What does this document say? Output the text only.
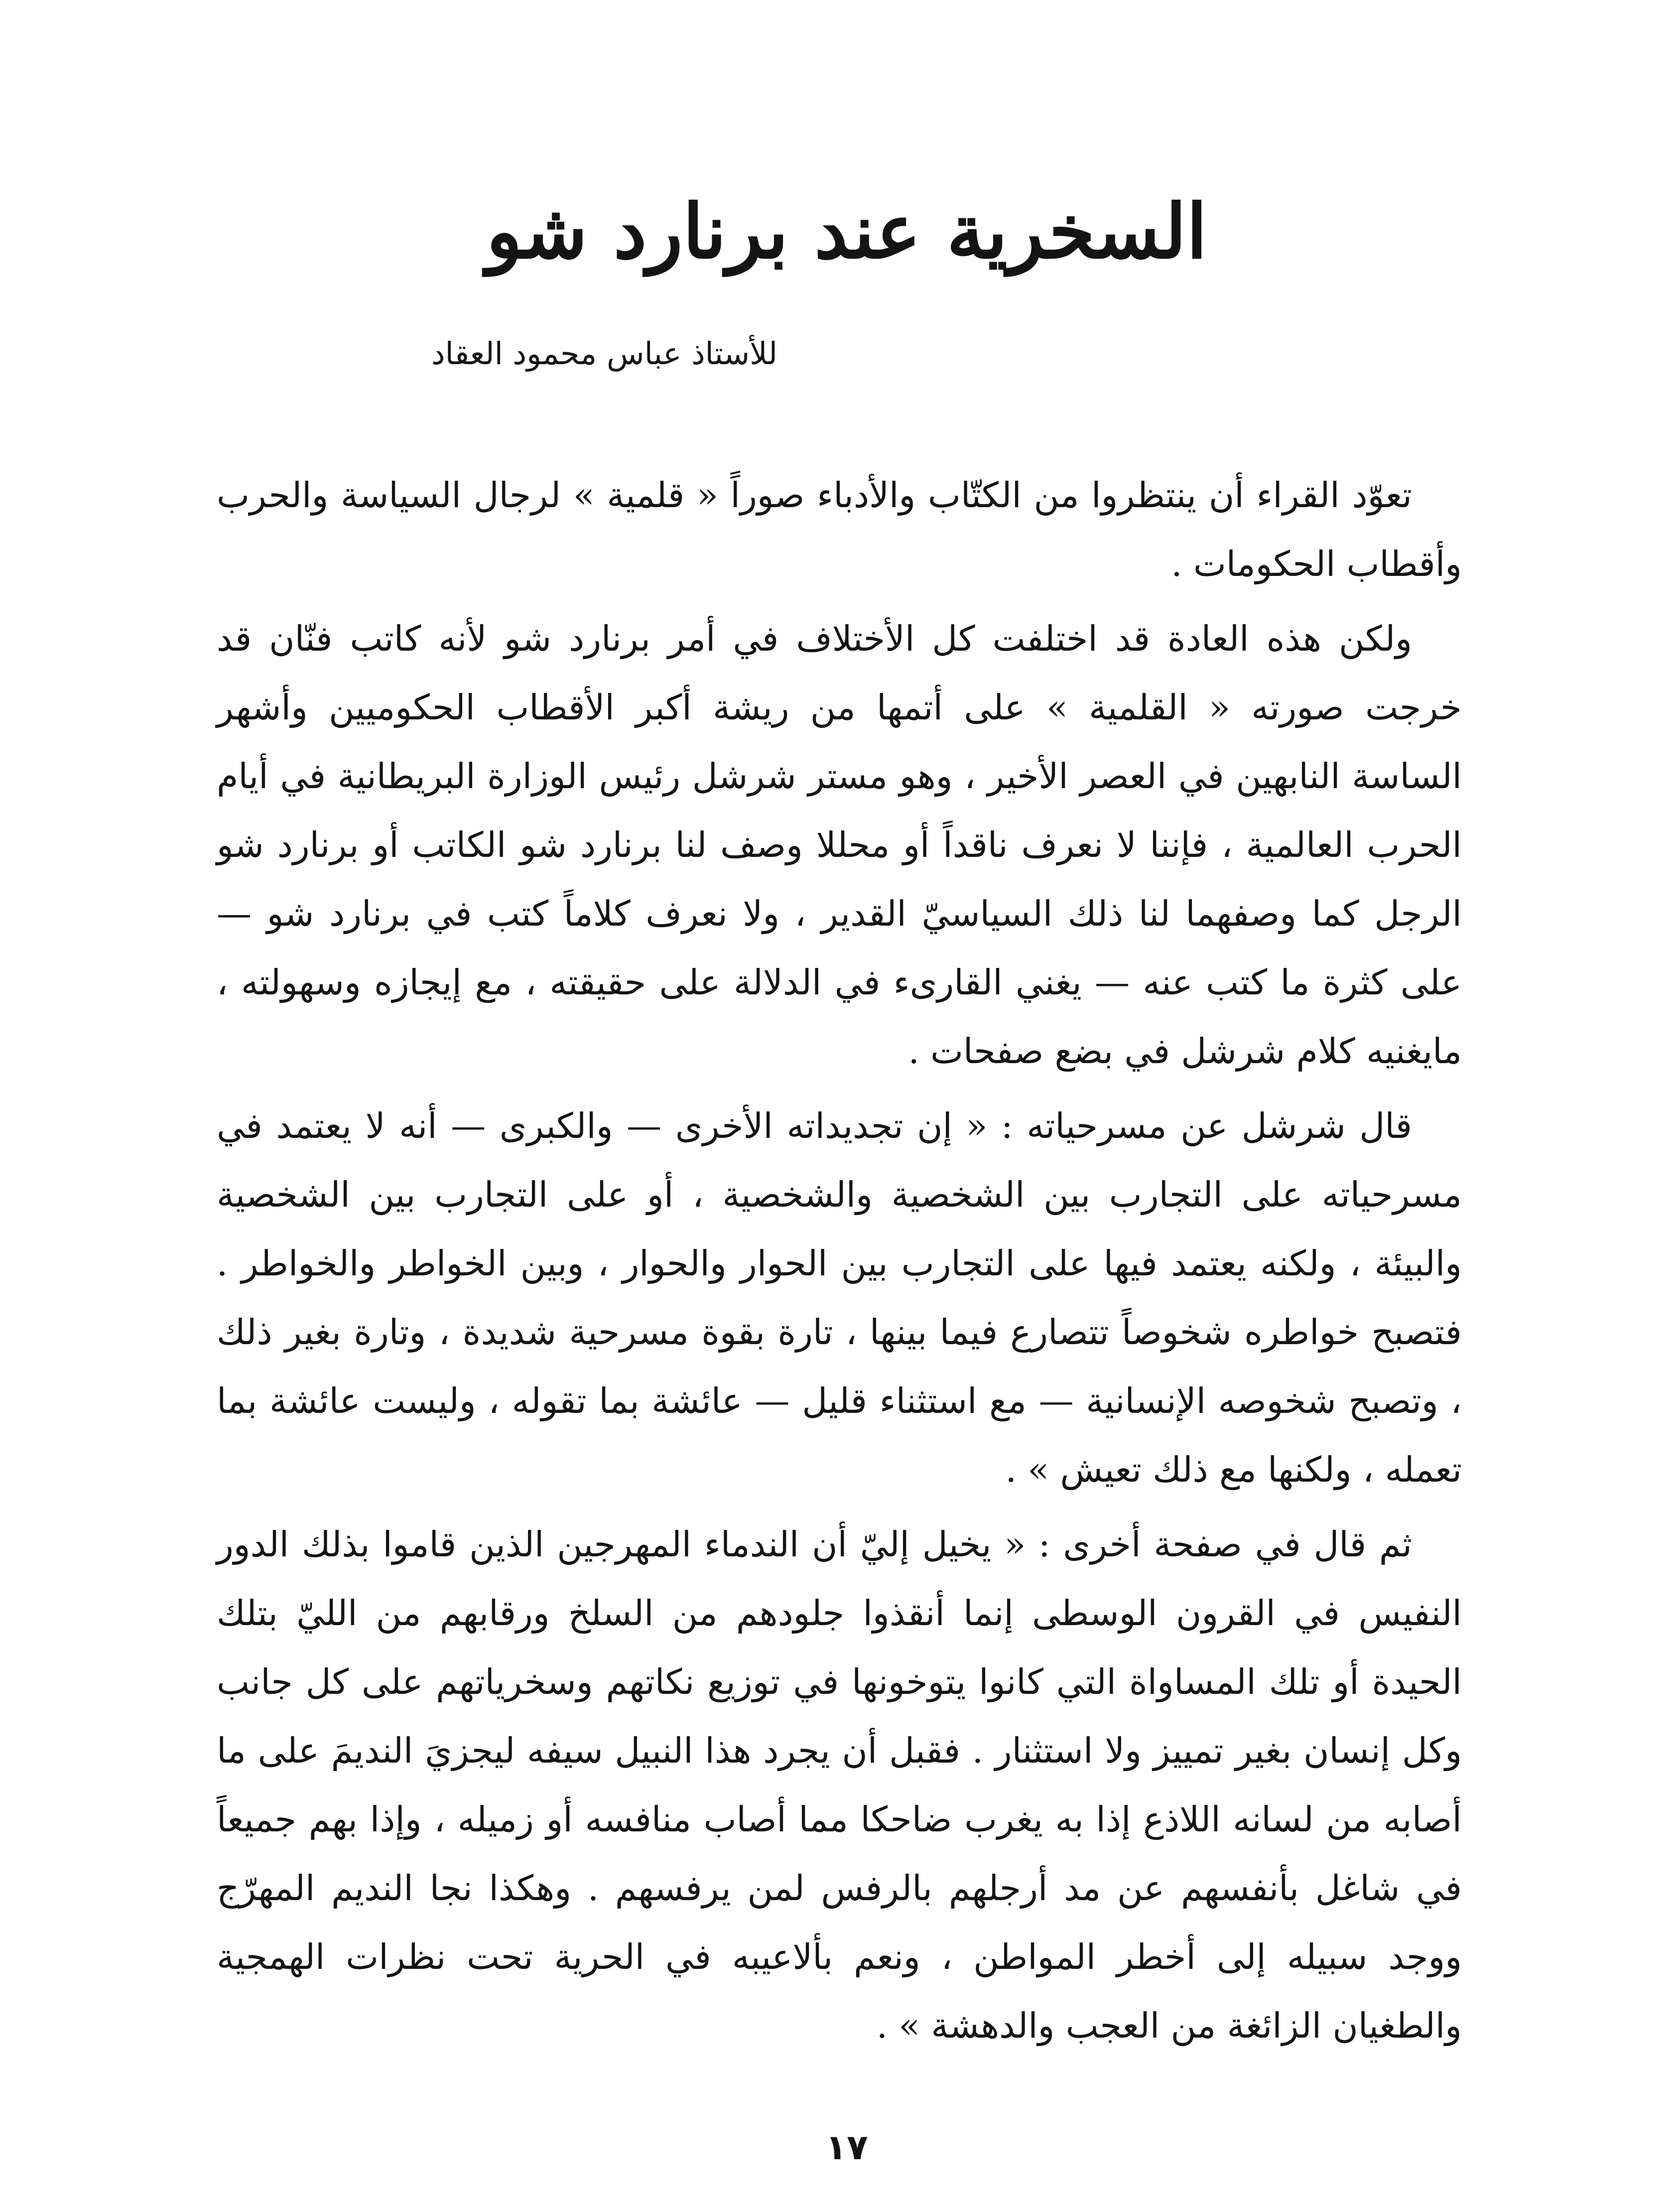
السخرية عند برنارد شو

للأستاذ عباس محمود العقاد

تعوّد القراء أن ينتظروا من الكتّاب والأدباء صوراً « قلمية » لرجال السياسة والحرب وأقطاب الحكومات .

ولكن هذه العادة قد اختلفت كل الأختلاف في أمر برنارد شو لأنه كاتب فنّان قد خرجت صورته « القلمية » على أتمها من ريشة أكبر الأقطاب الحكوميين وأشهر الساسة النابهين في العصر الأخير ، وهو مستر شرشل رئيس الوزارة البريطانية في أيام الحرب العالمية ، فإننا لا نعرف ناقداً أو محللا وصف لنا برنارد شو الكاتب أو برنارد شو الرجل كما وصفهما لنا ذلك السياسيّ القدير ، ولا نعرف كلاماً كتب في برنارد شو — على كثرة ما كتب عنه — يغني القارىء في الدلالة على حقيقته ، مع إيجازه وسهولته ، مايغنيه كلام شرشل في بضع صفحات .

قال شرشل عن مسرحياته : « إن تجديداته الأخرى — والكبرى — أنه لا يعتمد في مسرحياته على التجارب بين الشخصية والشخصية ، أو على التجارب بين الشخصية والبيئة ، ولكنه يعتمد فيها على التجارب بين الحوار والحوار ، وبين الخواطر والخواطر . فتصبح خواطره شخوصاً تتصارع فيما بينها ، تارة بقوة مسرحية شديدة ، وتارة بغير ذلك ، وتصبح شخوصه الإنسانية — مع استثناء قليل — عائشة بما تقوله ، وليست عائشة بما تعمله ، ولكنها مع ذلك تعيش » .

ثم قال في صفحة أخرى : « يخيل إليّ أن الندماء المهرجين الذين قاموا بذلك الدور النفيس في القرون الوسطى إنما أنقذوا جلودهم من السلخ ورقابهم من الليّ بتلك الحيدة أو تلك المساواة التي كانوا يتوخونها في توزيع نكاتهم وسخرياتهم على كل جانب وكل إنسان بغير تمييز ولا استثنار . فقبل أن يجرد هذا النبيل سيفه ليجزيَ النديمَ على ما أصابه من لسانه اللاذع إذا به يغرب ضاحكا مما أصاب منافسه أو زميله ، وإذا بهم جميعاً في شاغل بأنفسهم عن مد أرجلهم بالرفس لمن يرفسهم . وهكذا نجا النديم المهرّج ووجد سبيله إلى أخطر المواطن ، ونعم بألاعيبه في الحرية تحت نظرات الهمجية والطغيان الزائغة من العجب والدهشة » .

١٧
